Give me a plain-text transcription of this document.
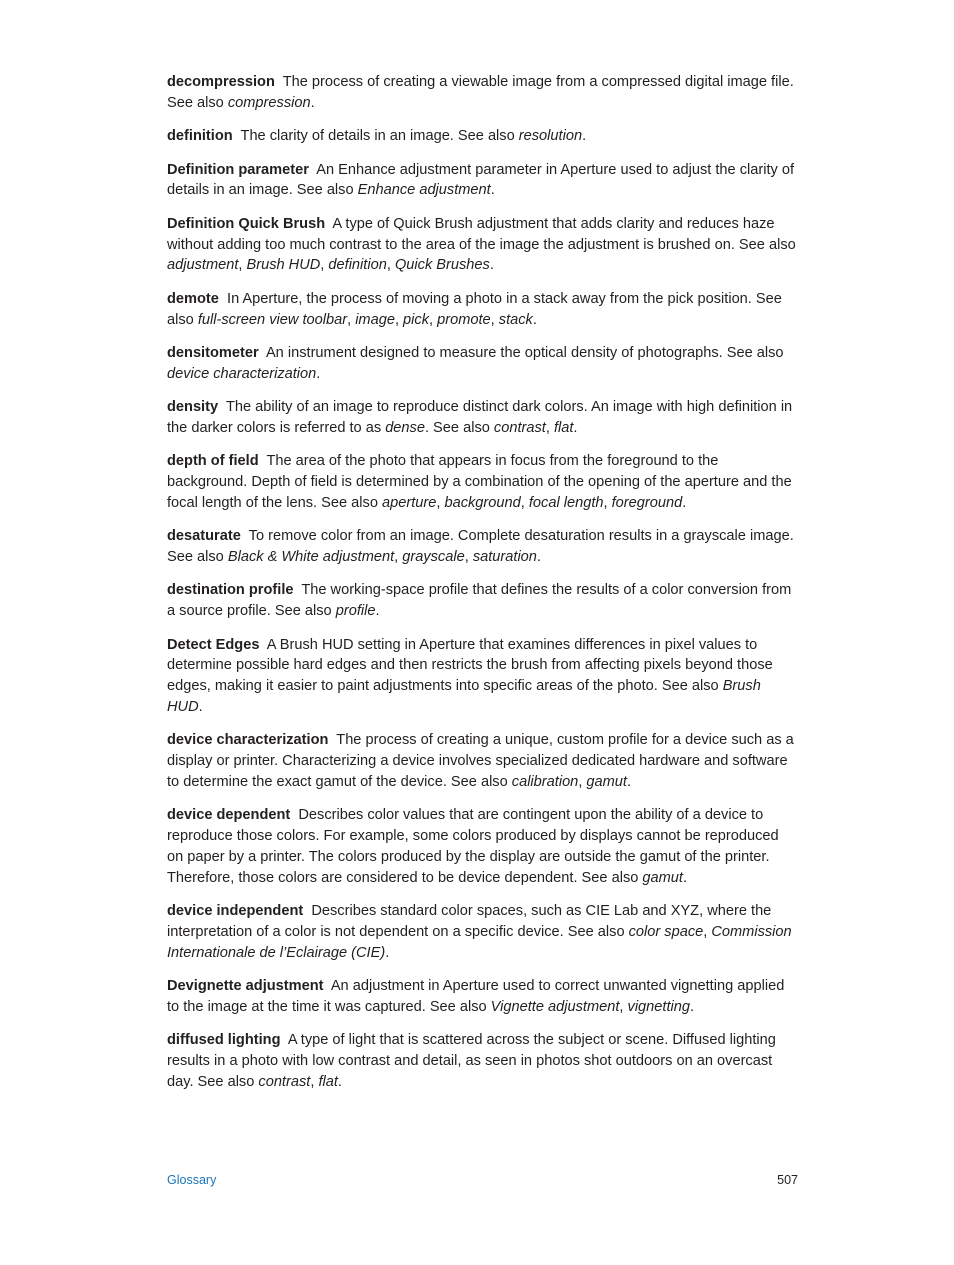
decompression The process of creating a viewable image from a compressed digital image file. See also compression.

definition The clarity of details in an image. See also resolution.

Definition parameter An Enhance adjustment parameter in Aperture used to adjust the clarity of details in an image. See also Enhance adjustment.

Definition Quick Brush A type of Quick Brush adjustment that adds clarity and reduces haze without adding too much contrast to the area of the image the adjustment is brushed on. See also adjustment, Brush HUD, definition, Quick Brushes.

demote In Aperture, the process of moving a photo in a stack away from the pick position. See also full-screen view toolbar, image, pick, promote, stack.

densitometer An instrument designed to measure the optical density of photographs. See also device characterization.

density The ability of an image to reproduce distinct dark colors. An image with high definition in the darker colors is referred to as dense. See also contrast, flat.

depth of field The area of the photo that appears in focus from the foreground to the background. Depth of field is determined by a combination of the opening of the aperture and the focal length of the lens. See also aperture, background, focal length, foreground.

desaturate To remove color from an image. Complete desaturation results in a grayscale image. See also Black & White adjustment, grayscale, saturation.

destination profile The working-space profile that defines the results of a color conversion from a source profile. See also profile.

Detect Edges A Brush HUD setting in Aperture that examines differences in pixel values to determine possible hard edges and then restricts the brush from affecting pixels beyond those edges, making it easier to paint adjustments into specific areas of the photo. See also Brush HUD.

device characterization The process of creating a unique, custom profile for a device such as a display or printer. Characterizing a device involves specialized dedicated hardware and software to determine the exact gamut of the device. See also calibration, gamut.

device dependent Describes color values that are contingent upon the ability of a device to reproduce those colors. For example, some colors produced by displays cannot be reproduced on paper by a printer. The colors produced by the display are outside the gamut of the printer. Therefore, those colors are considered to be device dependent. See also gamut.

device independent Describes standard color spaces, such as CIE Lab and XYZ, where the interpretation of a color is not dependent on a specific device. See also color space, Commission Internationale de l’Eclairage (CIE).

Devignette adjustment An adjustment in Aperture used to correct unwanted vignetting applied to the image at the time it was captured. See also Vignette adjustment, vignetting.

diffused lighting A type of light that is scattered across the subject or scene. Diffused lighting results in a photo with low contrast and detail, as seen in photos shot outdoors on an overcast day. See also contrast, flat.

Glossary	507
